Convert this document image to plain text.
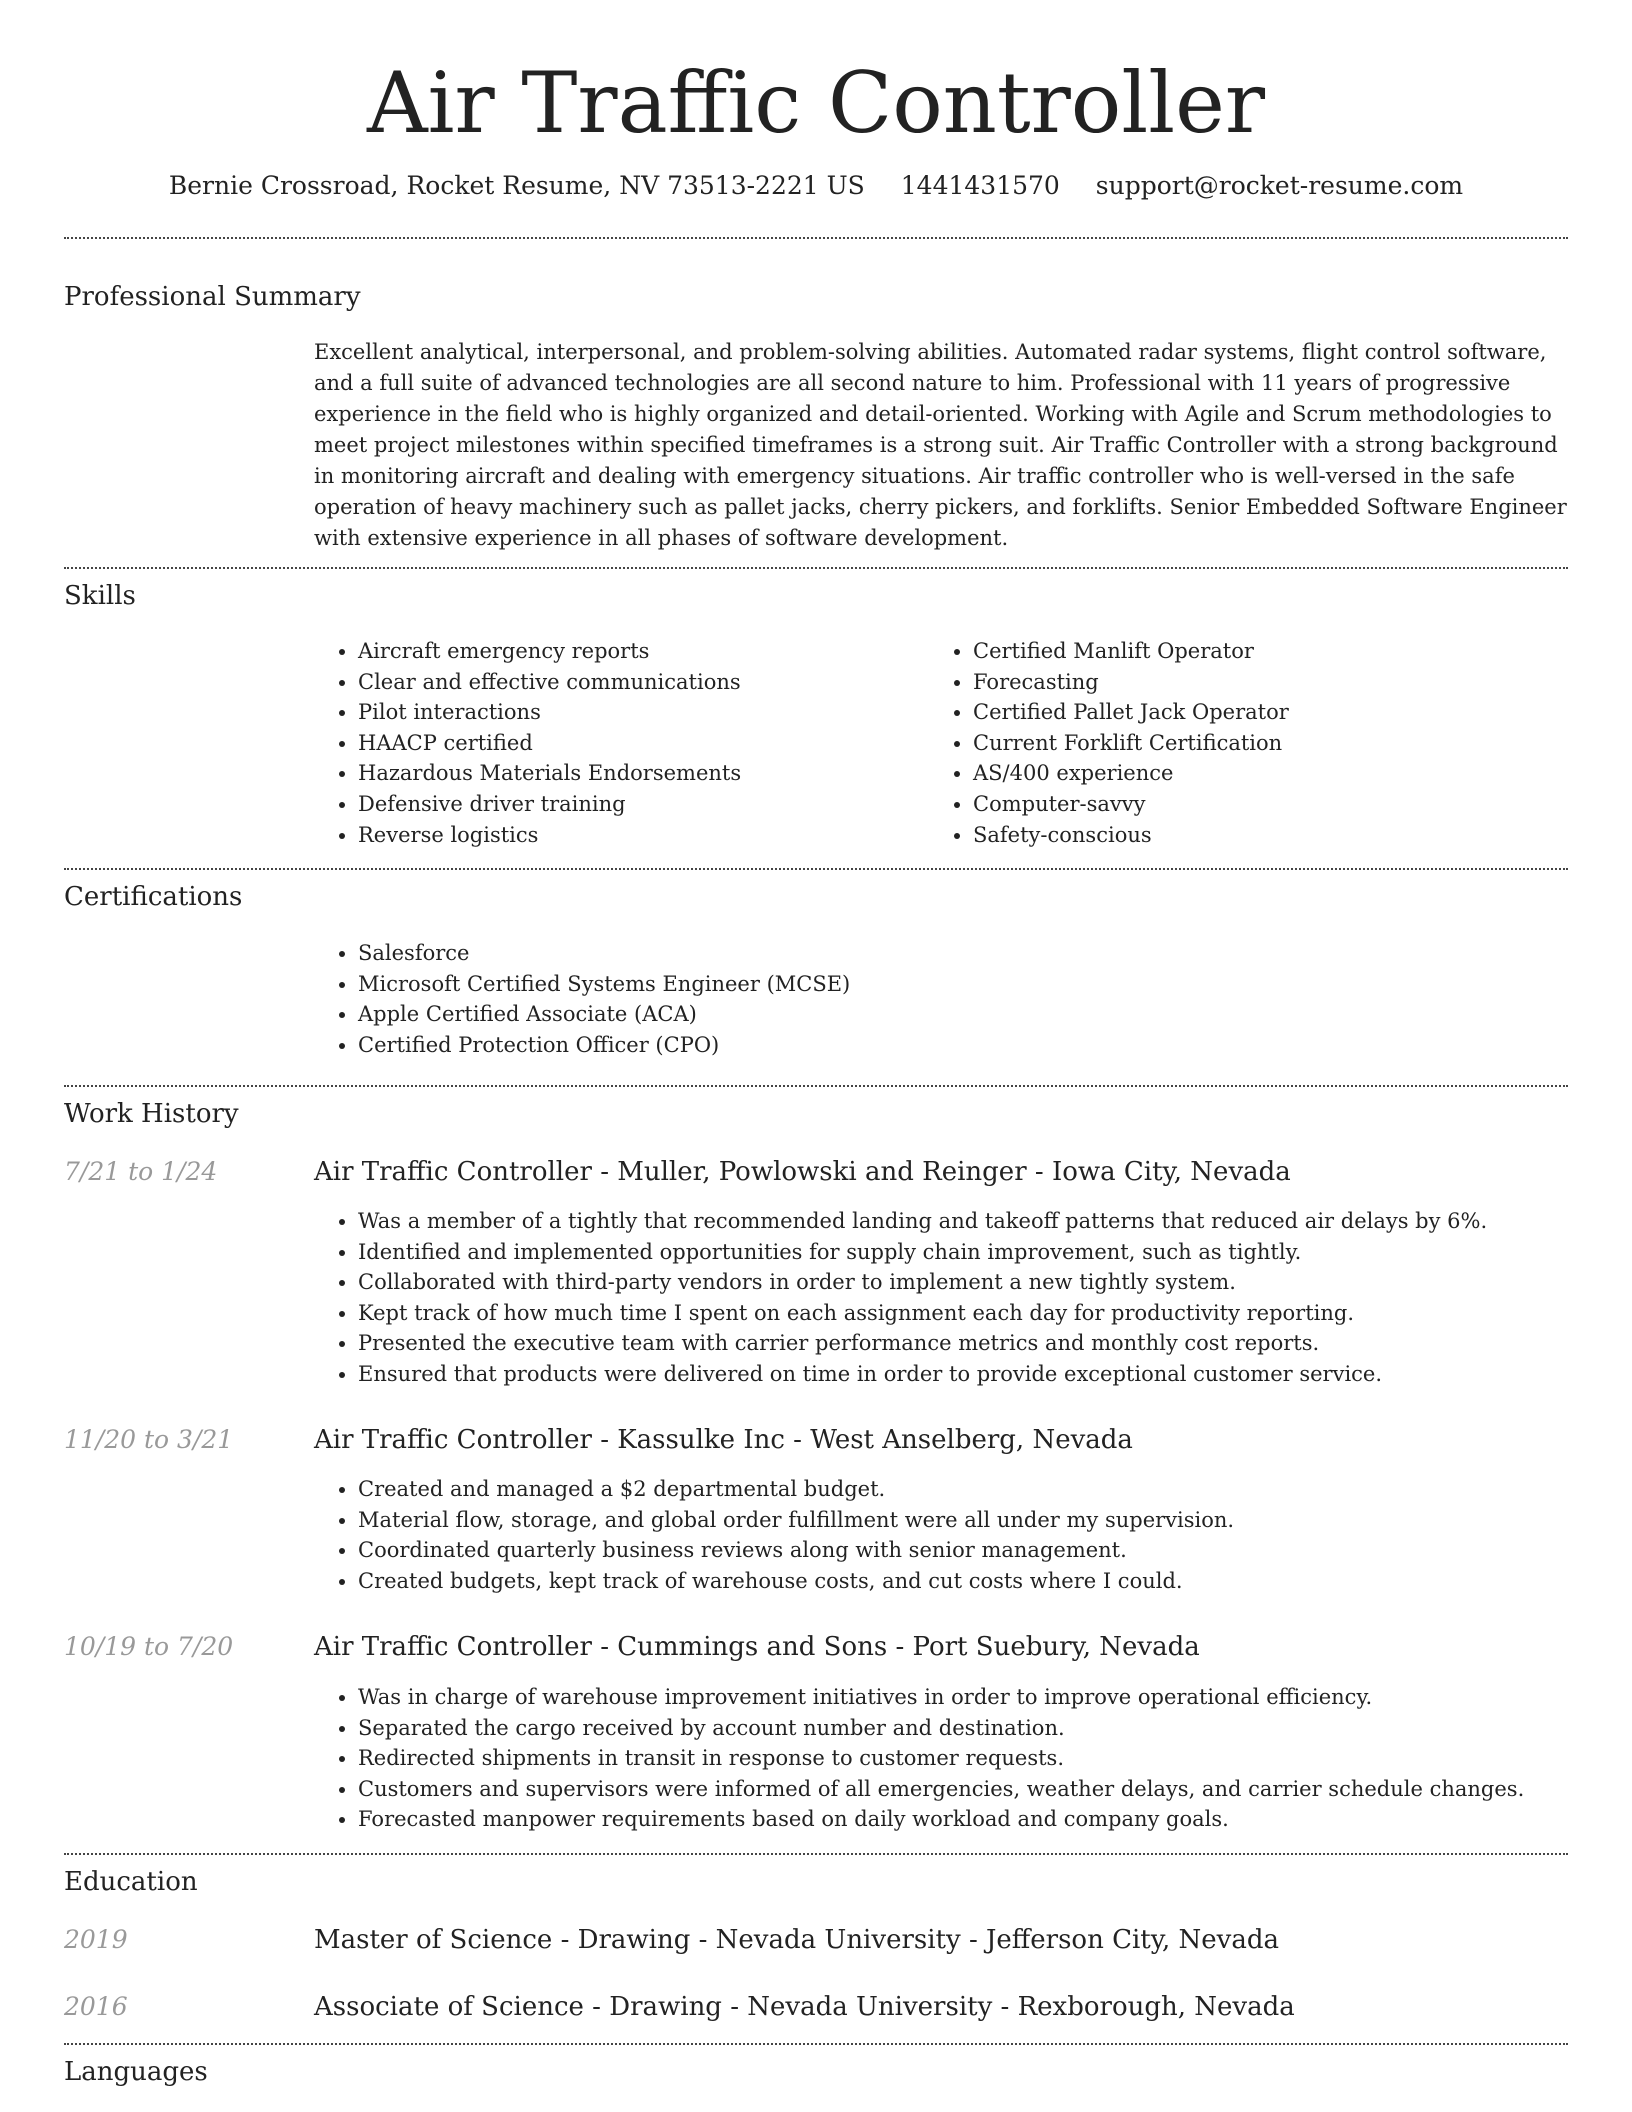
Air Traffic Controller
Bernie Crossroad, Rocket Resume, NV 73513-2221 US 1441431570 support@rocket-resume.com
Professional Summary

Excellent analytical, interpersonal, and problem-solving abilities. Automated radar systems, flight control software, and a full suite of advanced technologies are all second nature to him. Professional with 11 years of progressive experience in the field who is highly organized and detail-oriented. Working with Agile and Scrum methodologies to meet project milestones within specified timeframes is a strong suit. Air Traffic Controller with a strong background in monitoring aircraft and dealing with emergency situations. Air traffic controller who is well-versed in the safe operation of heavy machinery such as pallet jacks, cherry pickers, and forklifts. Senior Embedded Software Engineer with extensive experience in all phases of software development.

Skills
• Aircraft emergency reports
• Clear and effective communications
• Pilot interactions
• HAACP certified
• Hazardous Materials Endorsements
• Defensive driver training
• Reverse logistics
• Certified Manlift Operator
• Forecasting
• Certified Pallet Jack Operator
• Current Forklift Certification
• AS/400 experience
• Computer-savvy
• Safety-conscious
Certifications
• Salesforce
• Microsoft Certified Systems Engineer (MCSE)
• Apple Certified Associate (ACA)
• Certified Protection Officer (CPO)
Work History
7/21 to 1/24	Air Traffic Controller - Muller, Powlowski and Reinger - Iowa City, Nevada
• Was a member of a tightly that recommended landing and takeoff patterns that reduced air delays by 6%.
• Identified and implemented opportunities for supply chain improvement, such as tightly.
• Collaborated with third-party vendors in order to implement a new tightly system.
• Kept track of how much time I spent on each assignment each day for productivity reporting.
• Presented the executive team with carrier performance metrics and monthly cost reports.
• Ensured that products were delivered on time in order to provide exceptional customer service.
11/20 to 3/21	Air Traffic Controller - Kassulke Inc - West Anselberg, Nevada
• Created and managed a $2 departmental budget.
• Material flow, storage, and global order fulfillment were all under my supervision.
• Coordinated quarterly business reviews along with senior management.
• Created budgets, kept track of warehouse costs, and cut costs where I could.
10/19 to 7/20	Air Traffic Controller - Cummings and Sons - Port Suebury, Nevada
• Was in charge of warehouse improvement initiatives in order to improve operational efficiency.
• Separated the cargo received by account number and destination.
• Redirected shipments in transit in response to customer requests.
• Customers and supervisors were informed of all emergencies, weather delays, and carrier schedule changes.
• Forecasted manpower requirements based on daily workload and company goals.
Education
2019	Master of Science - Drawing - Nevada University - Jefferson City, Nevada
2016	Associate of Science - Drawing - Nevada University - Rexborough, Nevada
Languages
